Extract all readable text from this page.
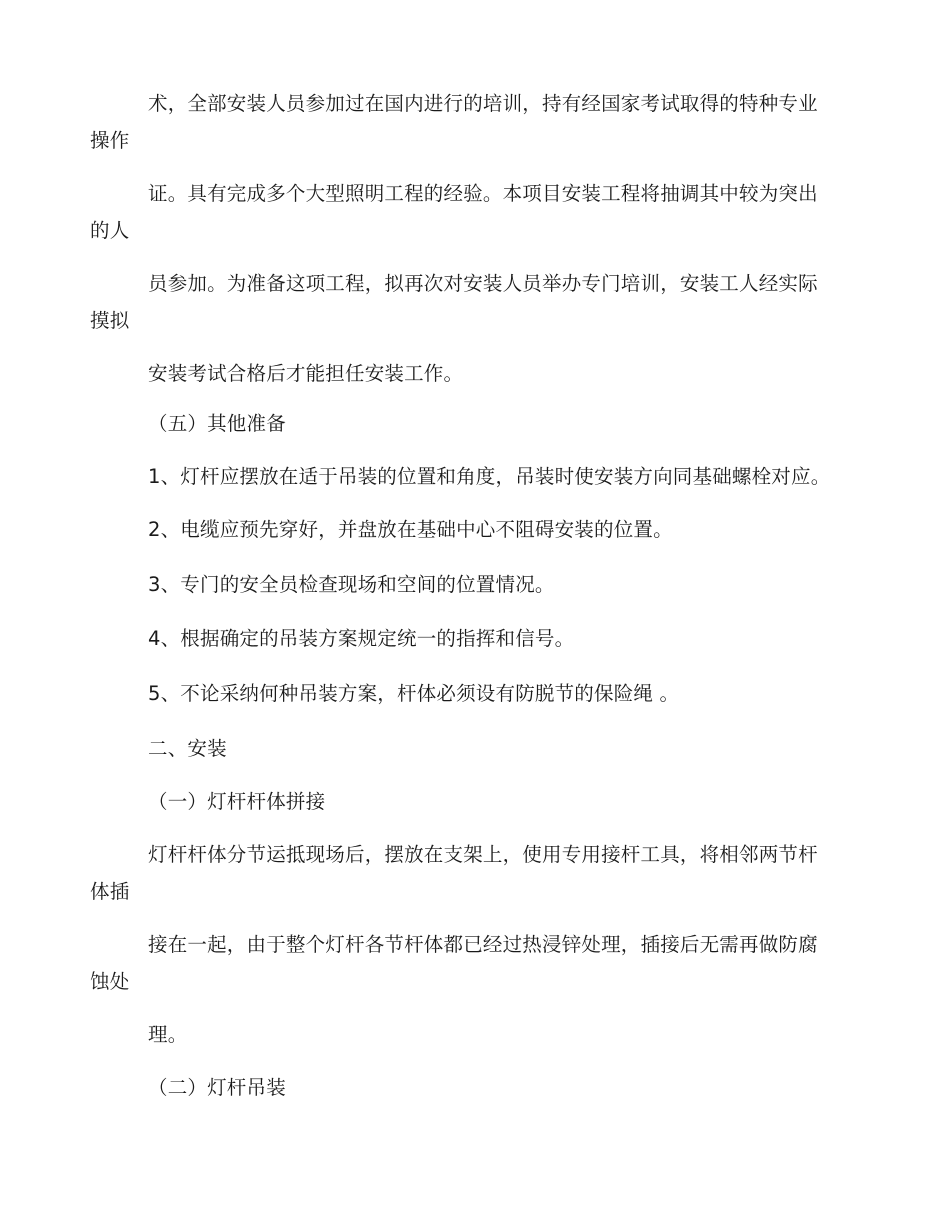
术，全部安装人员参加过在国内进行的培训，持有经国家考试取得的特种专业
操作
证。具有完成多个大型照明工程的经验。本项目安装工程将抽调其中较为突出
的人
员参加。为准备这项工程，拟再次对安装人员举办专门培训，安装工人经实际
摸拟
安装考试合格后才能担任安装工作。
（五）其他准备
1、灯杆应摆放在适于吊装的位置和角度，吊装时使安装方向同基础螺栓对应。
2、电缆应预先穿好，并盘放在基础中心不阻碍安装的位置。
3、专门的安全员检查现场和空间的位置情况。
4、根据确定的吊装方案规定统一的指挥和信号。
5、不论采纳何种吊装方案，杆体必须设有防脱节的保险绳 。
二、安装
（一）灯杆杆体拼接
灯杆杆体分节运抵现场后，摆放在支架上，使用专用接杆工具，将相邻两节杆
体插
接在一起，由于整个灯杆各节杆体都已经过热浸锌处理，插接后无需再做防腐
蚀处
理。
（二）灯杆吊装
